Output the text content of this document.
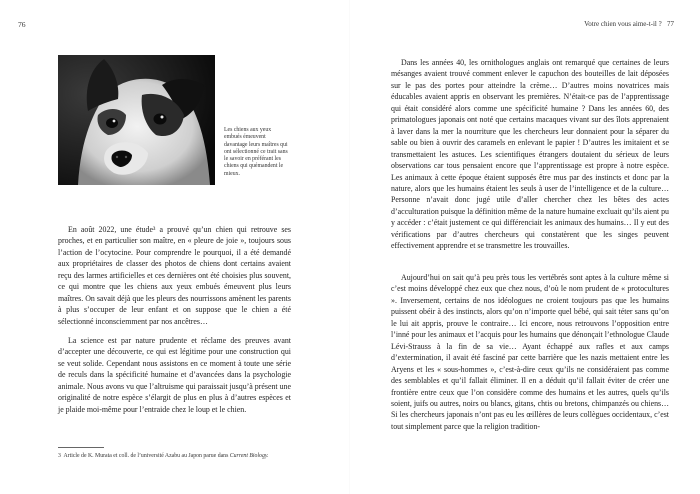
76
Les chiens aux yeux embués émeuvent davantage leurs maîtres qui ont sélectionné ce trait sans le savoir en préférant les chiens qui quémandent le mieux.

En août 2022, une étude³ a prouvé qu’un chien qui retrouve ses proches, et en particulier son maître, en « pleure de joie », toujours sous l’action de l’ocytocine. Pour comprendre le pourquoi, il a été demandé aux propriétaires de classer des photos de chiens dont certains avaient reçu des larmes artificielles et ces dernières ont été choisies plus souvent, ce qui montre que les chiens aux yeux embués émeuvent plus leurs maîtres. On savait déjà que les pleurs des nourrissons amènent les parents à plus s’occuper de leur enfant et on suppose que le chien a été sélectionné inconsciemment par nos ancêtres…

La science est par nature prudente et réclame des preuves avant d’accepter une découverte, ce qui est légitime pour une construction qui se veut solide. Cependant nous assistons en ce moment à toute une série de reculs dans la spécificité humaine et d’avancées dans la psychologie animale. Nous avons vu que l’altruisme qui paraissait jusqu’à présent une originalité de notre espèce s’élargit de plus en plus à d’autres espèces et je plaide moi-même pour l’entraide chez le loup et le chien.

3 Article de K. Murata et coll. de l’université Azabu au Japon parue dans Current Biology.
Votre chien vous aime-t-il ? 77

Dans les années 40, les ornithologues anglais ont remarqué que certaines de leurs mésanges avaient trouvé comment enlever le capuchon des bouteilles de lait déposées sur le pas des portes pour atteindre la crème… D’autres moins novatrices mais éducables avaient appris en observant les premières. N’était-ce pas de l’apprentissage qui était considéré alors comme une spécificité humaine ? Dans les années 60, des primatologues japonais ont noté que certains macaques vivant sur des îlots apprenaient à laver dans la mer la nourriture que les chercheurs leur donnaient pour la séparer du sable ou bien à ouvrir des caramels en enlevant le papier ! D’autres les imitaient et se transmettaient les astuces. Les scientifiques étrangers doutaient du sérieux de leurs observations car tous pensaient encore que l’apprentissage est propre à notre espèce. Les animaux à cette époque étaient supposés être mus par des instincts et donc par la nature, alors que les humains étaient les seuls à user de l’intelligence et de la culture… Personne n’avait donc jugé utile d’aller chercher chez les bêtes des actes d’acculturation puisque la définition même de la nature humaine excluait qu’ils aient pu y accéder : c’était justement ce qui différenciait les animaux des humains… Il y eut des vérifications par d’autres chercheurs qui constatèrent que les singes peuvent effectivement apprendre et se transmettre les trouvailles.

Aujourd’hui on sait qu’à peu près tous les vertébrés sont aptes à la culture même si c’est moins développé chez eux que chez nous, d’où le nom prudent de « protocultures ». Inversement, certains de nos idéologues ne croient toujours pas que les humains puissent obéir à des instincts, alors qu’on n’importe quel bébé, qui sait téter sans qu’on le lui ait appris, prouve le contraire… Ici encore, nous retrouvons l’opposition entre l’inné pour les animaux et l’acquis pour les humains que dénonçait l’ethnologue Claude Lévi-Strauss à la fin de sa vie… Ayant échappé aux rafles et aux camps d’extermination, il avait été fasciné par cette barrière que les nazis mettaient entre les Aryens et les « sous-hommes », c’est-à-dire ceux qu’ils ne considéraient pas comme des semblables et qu’il fallait éliminer. Il en a déduit qu’il fallait éviter de créer une frontière entre ceux que l’on considère comme des humains et les autres, quels qu’ils soient, juifs ou autres, noirs ou blancs, gitans, chtis ou bretons, chimpanzés ou chiens… Si les chercheurs japonais n’ont pas eu les œillères de leurs collègues occidentaux, c’est tout simplement parce que la religion tradition-
